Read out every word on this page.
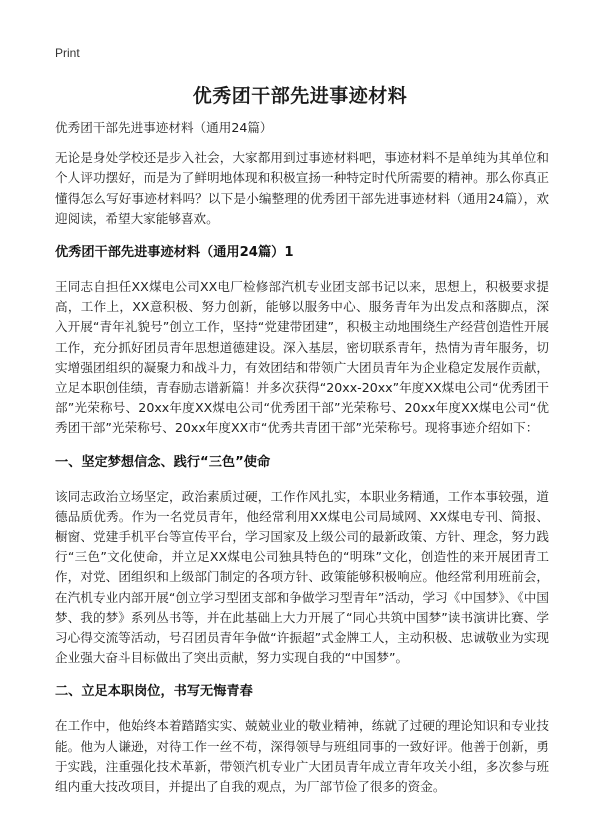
Print
优秀团干部先进事迹材料

优秀团干部先进事迹材料（通用24篇）

无论是身处学校还是步入社会，大家都用到过事迹材料吧，事迹材料不是单纯为其单位和个人评功摆好，而是为了鲜明地体现和积极宣扬一种特定时代所需要的精神。那么你真正懂得怎么写好事迹材料吗？以下是小编整理的优秀团干部先进事迹材料（通用24篇），欢迎阅读，希望大家能够喜欢。

优秀团干部先进事迹材料（通用24篇）1

王同志自担任XX煤电公司XX电厂检修部汽机专业团支部书记以来，思想上，积极要求提高，工作上，XX意积极、努力创新，能够以服务中心、服务青年为出发点和落脚点，深入开展“青年礼貌号”创立工作，坚持“党建带团建”，积极主动地围绕生产经营创造性开展工作，充分抓好团员青年思想道德建设。深入基层，密切联系青年，热情为青年服务，切实增强团组织的凝聚力和战斗力，有效团结和带领广大团员青年为企业稳定发展作贡献，立足本职创佳绩，青春励志谱新篇！并多次获得“20xx-20xx”年度XX煤电公司“优秀团干部”光荣称号、20xx年度XX煤电公司“优秀团干部”光荣称号、20xx年度XX煤电公司“优秀团干部”光荣称号、20xx年度XX市“优秀共青团干部”光荣称号。现将事迹介绍如下：

一、坚定梦想信念、践行“三色”使命

该同志政治立场坚定，政治素质过硬，工作作风扎实，本职业务精通，工作本事较强，道德品质优秀。作为一名党员青年，他经常利用XX煤电公司局域网、XX煤电专刊、简报、橱窗、党建手机平台等宣传平台，学习国家及上级公司的最新政策、方针、理念，努力践行“三色”文化使命，并立足XX煤电公司独具特色的“明珠”文化，创造性的来开展团青工作，对党、团组织和上级部门制定的各项方针、政策能够积极响应。他经常利用班前会，在汽机专业内部开展“创立学习型团支部和争做学习型青年”活动，学习《中国梦》、《中国梦、我的梦》系列丛书等，并在此基础上大力开展了“同心共筑中国梦”读书演讲比赛、学习心得交流等活动，号召团员青年争做“许振超”式金牌工人，主动积极、忠诚敬业为实现企业强大奋斗目标做出了突出贡献，努力实现自我的“中国梦”。

二、立足本职岗位，书写无悔青春

在工作中，他始终本着踏踏实实、兢兢业业的敬业精神，练就了过硬的理论知识和专业技能。他为人谦逊，对待工作一丝不苟，深得领导与班组同事的一致好评。他善于创新，勇于实践，注重强化技术革新，带领汽机专业广大团员青年成立青年攻关小组，多次参与班组内重大技改项目，并提出了自我的观点，为厂部节俭了很多的资金。
